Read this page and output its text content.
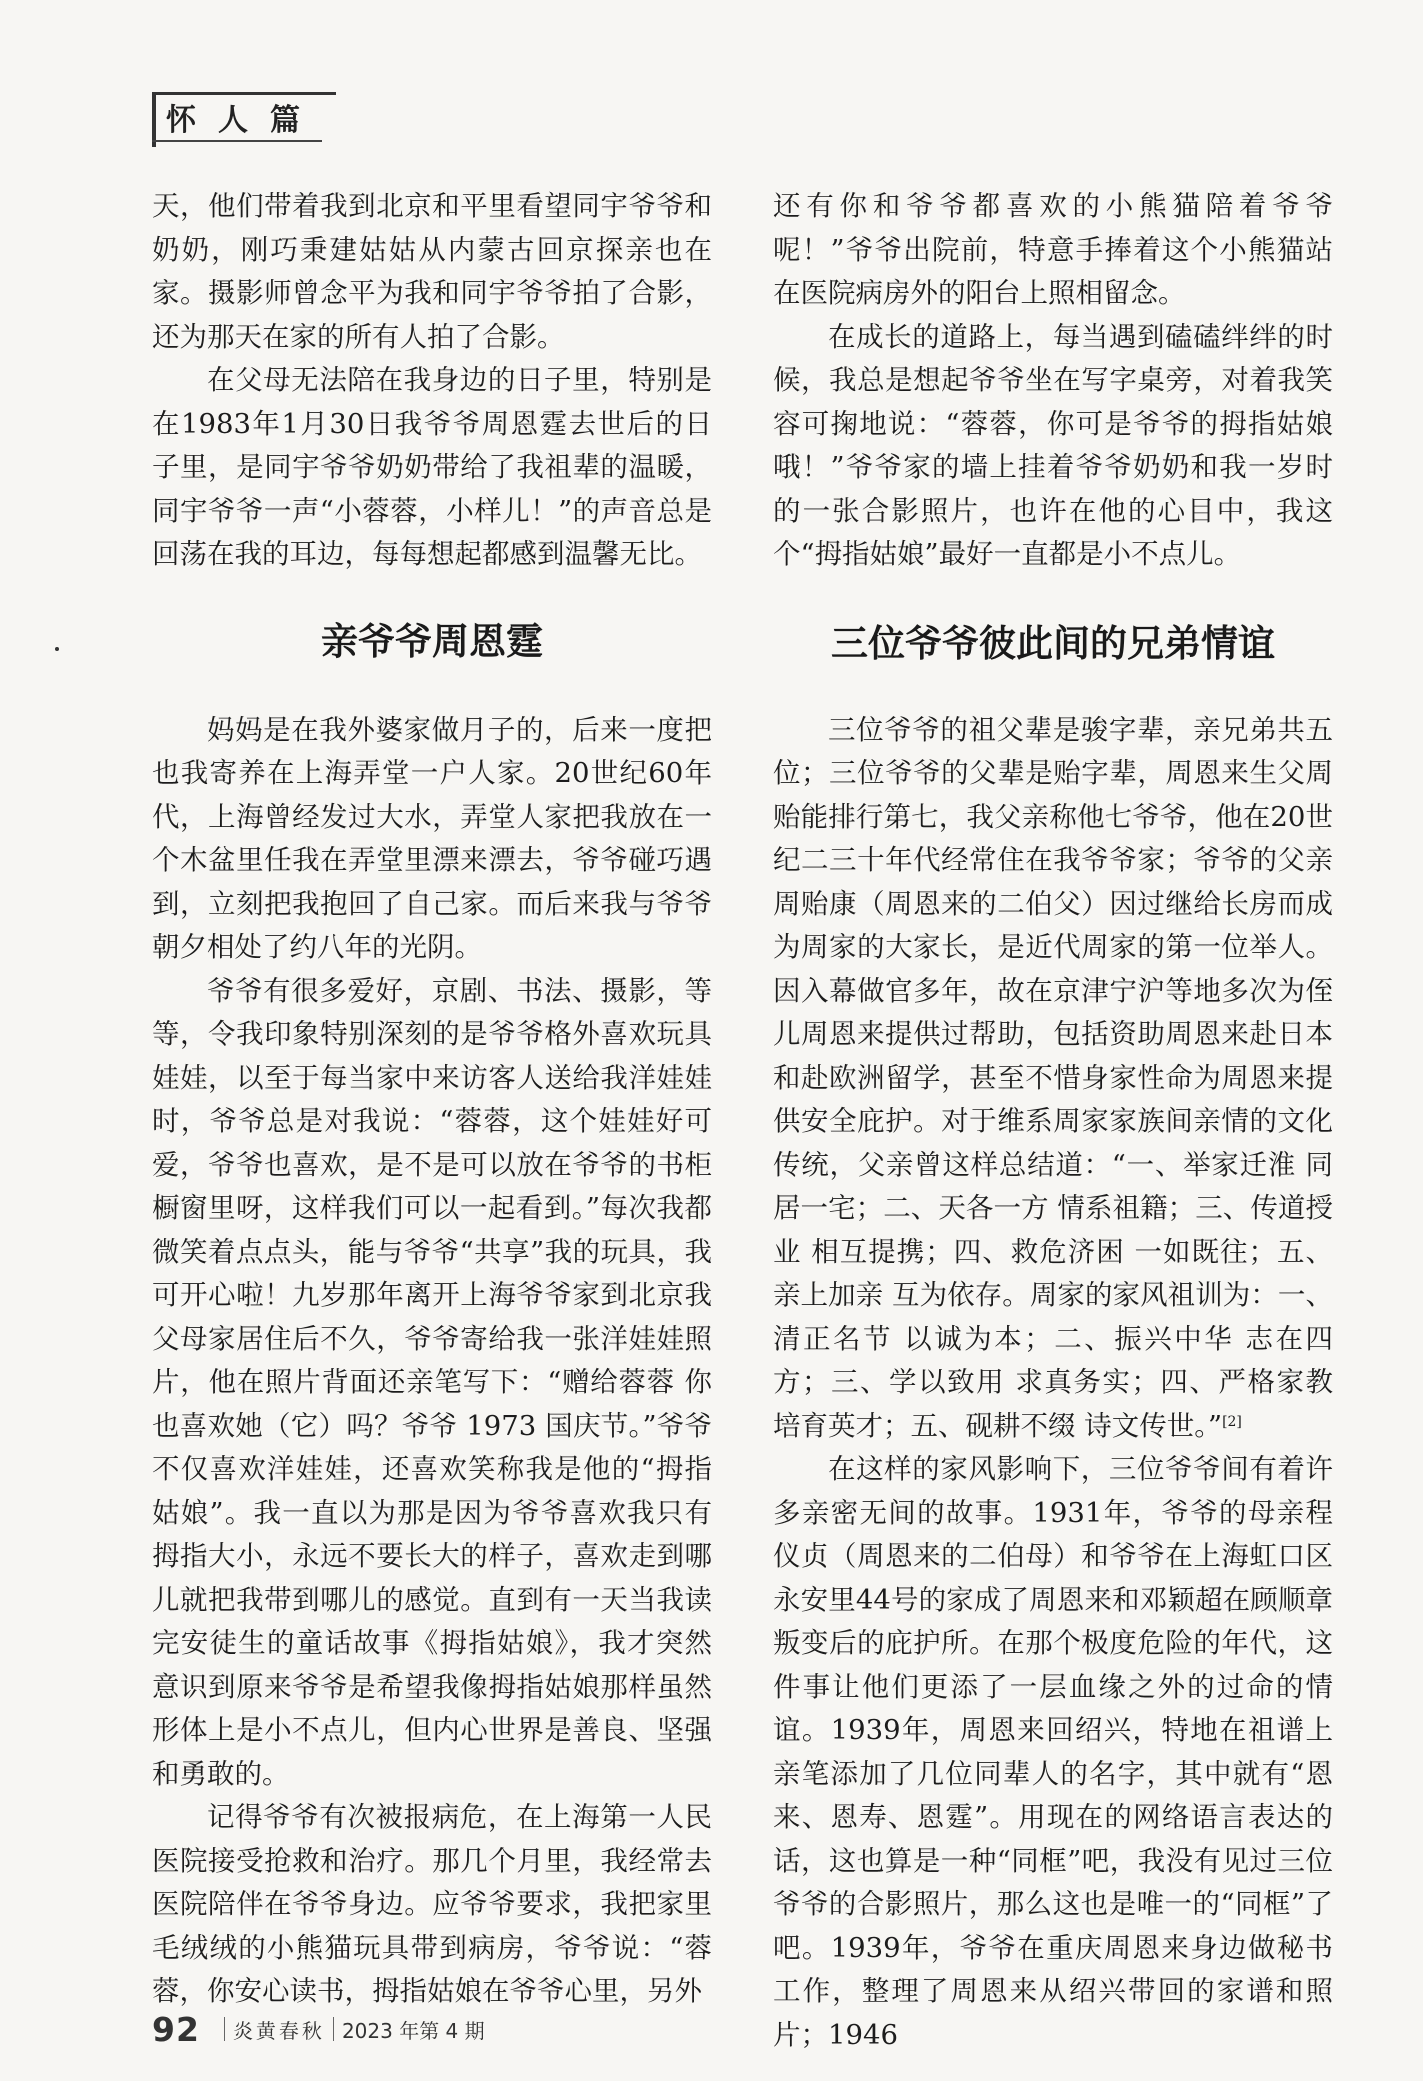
怀人篇

天，他们带着我到北京和平里看望同宇爷爷和奶奶，刚巧秉建姑姑从内蒙古回京探亲也在家。摄影师曾念平为我和同宇爷爷拍了合影，还为那天在家的所有人拍了合影。

在父母无法陪在我身边的日子里，特别是在1983年1月30日我爷爷周恩霆去世后的日子里，是同宇爷爷奶奶带给了我祖辈的温暖，同宇爷爷一声“小蓉蓉，小样儿！”的声音总是回荡在我的耳边，每每想起都感到温馨无比。

亲爷爷周恩霆

妈妈是在我外婆家做月子的，后来一度把也我寄养在上海弄堂一户人家。20世纪60年代，上海曾经发过大水，弄堂人家把我放在一个木盆里任我在弄堂里漂来漂去，爷爷碰巧遇到，立刻把我抱回了自己家。而后来我与爷爷朝夕相处了约八年的光阴。

爷爷有很多爱好，京剧、书法、摄影，等等，令我印象特别深刻的是爷爷格外喜欢玩具娃娃，以至于每当家中来访客人送给我洋娃娃时，爷爷总是对我说：“蓉蓉，这个娃娃好可爱，爷爷也喜欢，是不是可以放在爷爷的书柜橱窗里呀，这样我们可以一起看到。”每次我都微笑着点点头，能与爷爷“共享”我的玩具，我可开心啦！九岁那年离开上海爷爷家到北京我父母家居住后不久，爷爷寄给我一张洋娃娃照片，他在照片背面还亲笔写下：“赠给蓉蓉 你也喜欢她（它）吗？爷爷 1973 国庆节。”爷爷不仅喜欢洋娃娃，还喜欢笑称我是他的“拇指姑娘”。我一直以为那是因为爷爷喜欢我只有拇指大小，永远不要长大的样子，喜欢走到哪儿就把我带到哪儿的感觉。直到有一天当我读完安徒生的童话故事《拇指姑娘》，我才突然意识到原来爷爷是希望我像拇指姑娘那样虽然形体上是小不点儿，但内心世界是善良、坚强和勇敢的。

记得爷爷有次被报病危，在上海第一人民医院接受抢救和治疗。那几个月里，我经常去医院陪伴在爷爷身边。应爷爷要求，我把家里毛绒绒的小熊猫玩具带到病房，爷爷说：“蓉蓉，你安心读书，拇指姑娘在爷爷心里，另外

还有你和爷爷都喜欢的小熊猫陪着爷爷呢！”爷爷出院前，特意手捧着这个小熊猫站在医院病房外的阳台上照相留念。

在成长的道路上，每当遇到磕磕绊绊的时候，我总是想起爷爷坐在写字桌旁，对着我笑容可掬地说：“蓉蓉，你可是爷爷的拇指姑娘哦！”爷爷家的墙上挂着爷爷奶奶和我一岁时的一张合影照片，也许在他的心目中，我这个“拇指姑娘”最好一直都是小不点儿。

三位爷爷彼此间的兄弟情谊

三位爷爷的祖父辈是骏字辈，亲兄弟共五位；三位爷爷的父辈是贻字辈，周恩来生父周贻能排行第七，我父亲称他七爷爷，他在20世纪二三十年代经常住在我爷爷家；爷爷的父亲周贻康（周恩来的二伯父）因过继给长房而成为周家的大家长，是近代周家的第一位举人。因入幕做官多年，故在京津宁沪等地多次为侄儿周恩来提供过帮助，包括资助周恩来赴日本和赴欧洲留学，甚至不惜身家性命为周恩来提供安全庇护。对于维系周家家族间亲情的文化传统，父亲曾这样总结道：“一、举家迁淮 同居一宅；二、天各一方 情系祖籍；三、传道授业 相互提携；四、救危济困 一如既往；五、亲上加亲 互为依存。周家的家风祖训为：一、清正名节 以诚为本；二、振兴中华 志在四方；三、学以致用 求真务实；四、严格家教 培育英才；五、砚耕不缀 诗文传世。”[2]

在这样的家风影响下，三位爷爷间有着许多亲密无间的故事。1931年，爷爷的母亲程仪贞（周恩来的二伯母）和爷爷在上海虹口区永安里44号的家成了周恩来和邓颖超在顾顺章叛变后的庇护所。在那个极度危险的年代，这件事让他们更添了一层血缘之外的过命的情谊。1939年，周恩来回绍兴，特地在祖谱上亲笔添加了几位同辈人的名字，其中就有“恩来、恩寿、恩霆”。用现在的网络语言表达的话，这也算是一种“同框”吧，我没有见过三位爷爷的合影照片，那么这也是唯一的“同框”了吧。1939年，爷爷在重庆周恩来身边做秘书工作，整理了周恩来从绍兴带回的家谱和照片；1946

92 炎黄春秋 2023 年第 4 期
